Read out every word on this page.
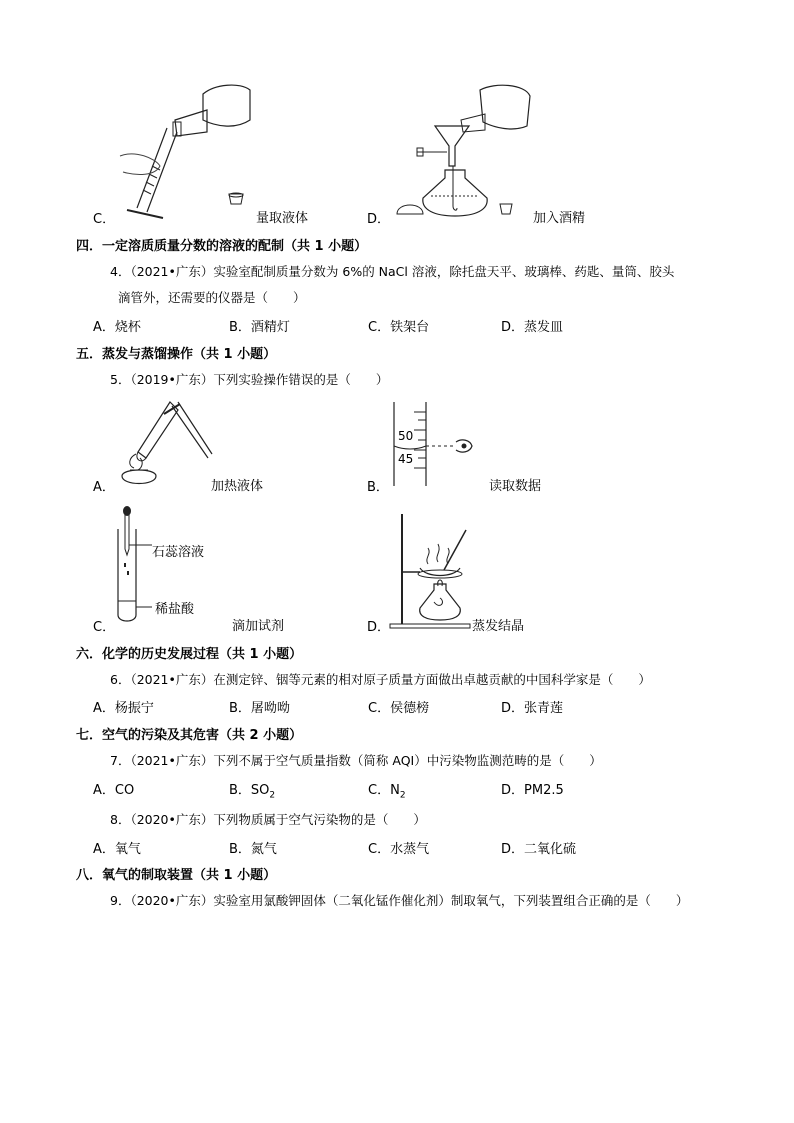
C．	量取液体	D．	加入酒精
四．一定溶质质量分数的溶液的配制（共 1 小题）
4．（2021•广东）实验室配制质量分数为 6%的 NaCl 溶液，除托盘天平、玻璃棒、药匙、量筒、胶头
滴管外，还需要的仪器是（　　）
A．烧杯	B．酒精灯	C．铁架台	D．蒸发皿
五．蒸发与蒸馏操作（共 1 小题）
5．（2019•广东）下列实验操作错误的是（　　）
A．	加热液体
50
45
B．	读取数据
石蕊溶液
稀盐酸
C．	滴加试剂	D．	蒸发结晶
六．化学的历史发展过程（共 1 小题）
6．（2021•广东）在测定锌、铟等元素的相对原子质量方面做出卓越贡献的中国科学家是（　　）
A．杨振宁	B．屠呦呦	C．侯德榜	D．张青莲
七．空气的污染及其危害（共 2 小题）
7．（2021•广东）下列不属于空气质量指数（简称 AQI）中污染物监测范畴的是（　　）
A．CO	B．$SO_2$	C．$N_2$	D．PM2.5
8．（2020•广东）下列物质属于空气污染物的是（　　）
A．氧气	B．氮气	C．水蒸气	D．二氧化硫
八．氧气的制取装置（共 1 小题）
9．（2020•广东）实验室用氯酸钾固体（二氧化锰作催化剂）制取氧气，下列装置组合正确的是（　　）
